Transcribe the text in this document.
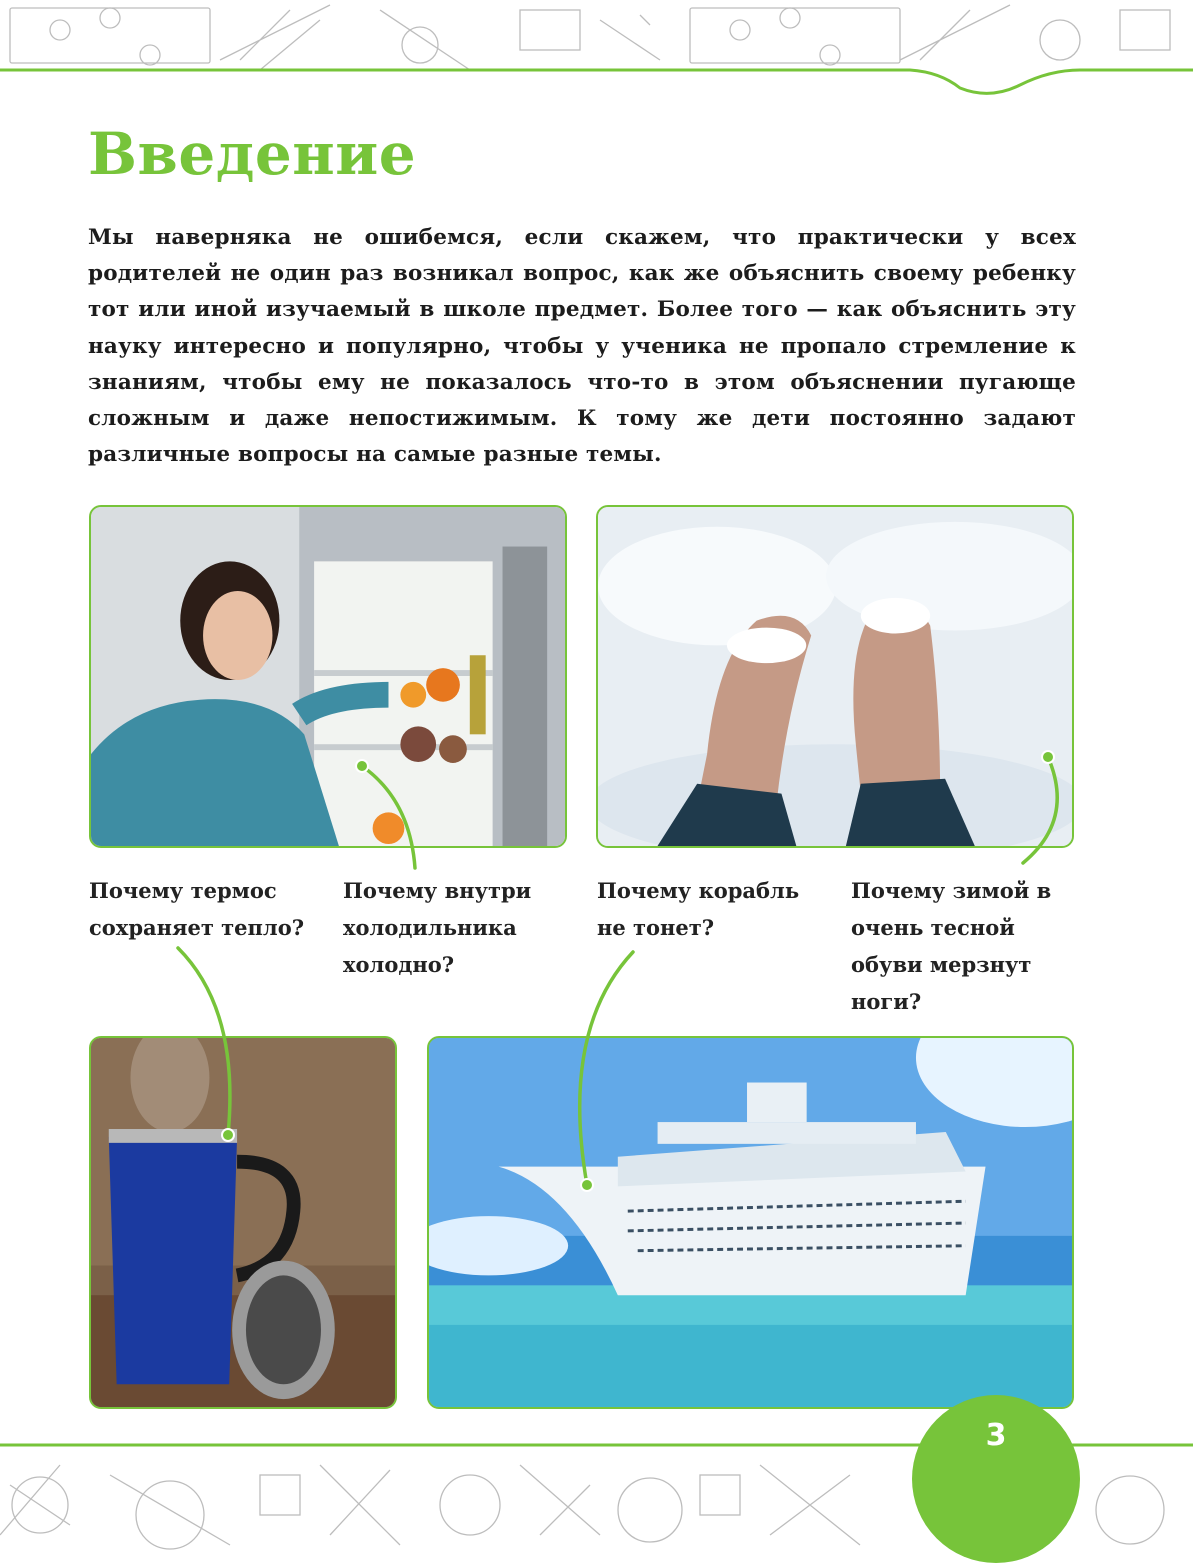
Введение

Мы наверняка не ошибемся, если скажем, что практически у всех родителей не один раз возникал вопрос, как же объяснить своему ребенку тот или иной изучаемый в школе предмет. Более того — как объяснить эту науку интересно и популярно, чтобы у ученика не пропало стремление к знаниям, чтобы ему не показалось что-то в этом объяснении пугающе сложным и даже непостижимым. К тому же дети постоянно задают различные вопросы на самые разные темы.

Почему термос сохраняет тепло?

Почему внутри холодильника холодно?

Почему корабль не тонет?

Почему зимой в очень тесной обуви мерзнут ноги?

3
